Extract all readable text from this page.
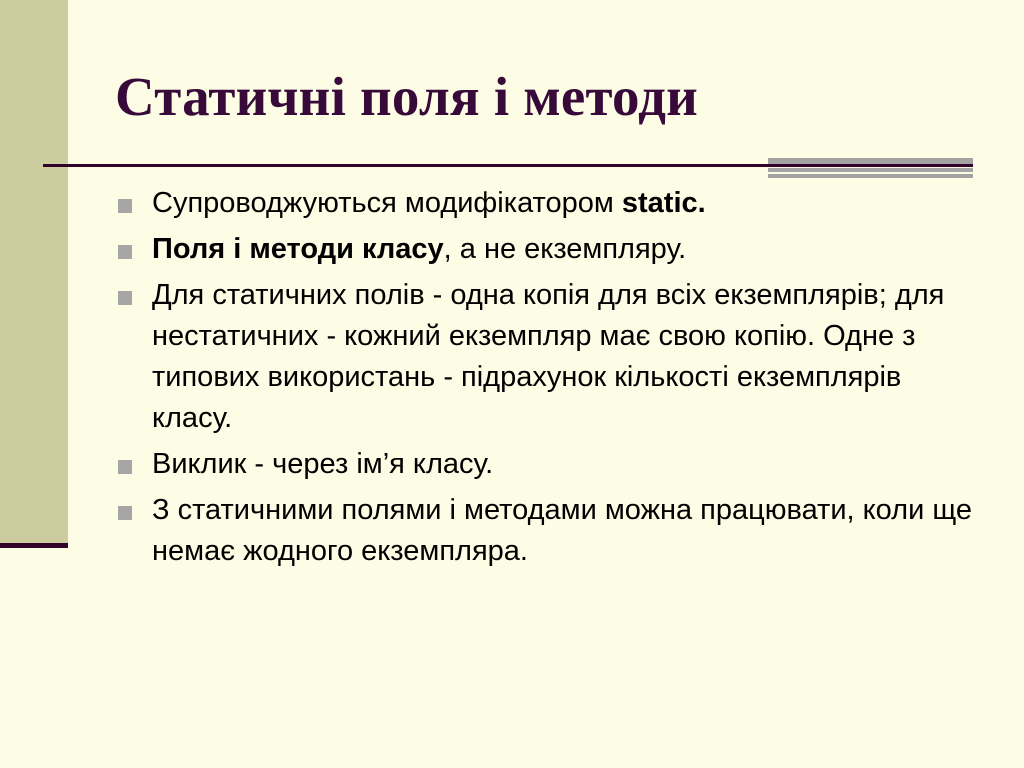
Статичні поля і методи
Супроводжуються модифікатором static.
Поля і методи класу, а не екземпляру.
Для статичних полів - одна копія для всіх екземплярів; для нестатичних - кожний екземпляр має свою копію. Одне з типових використань - підрахунок кількості екземплярів класу.
Виклик - через ім’я класу.
З статичними полями і методами можна працювати, коли ще немає жодного екземпляра.
